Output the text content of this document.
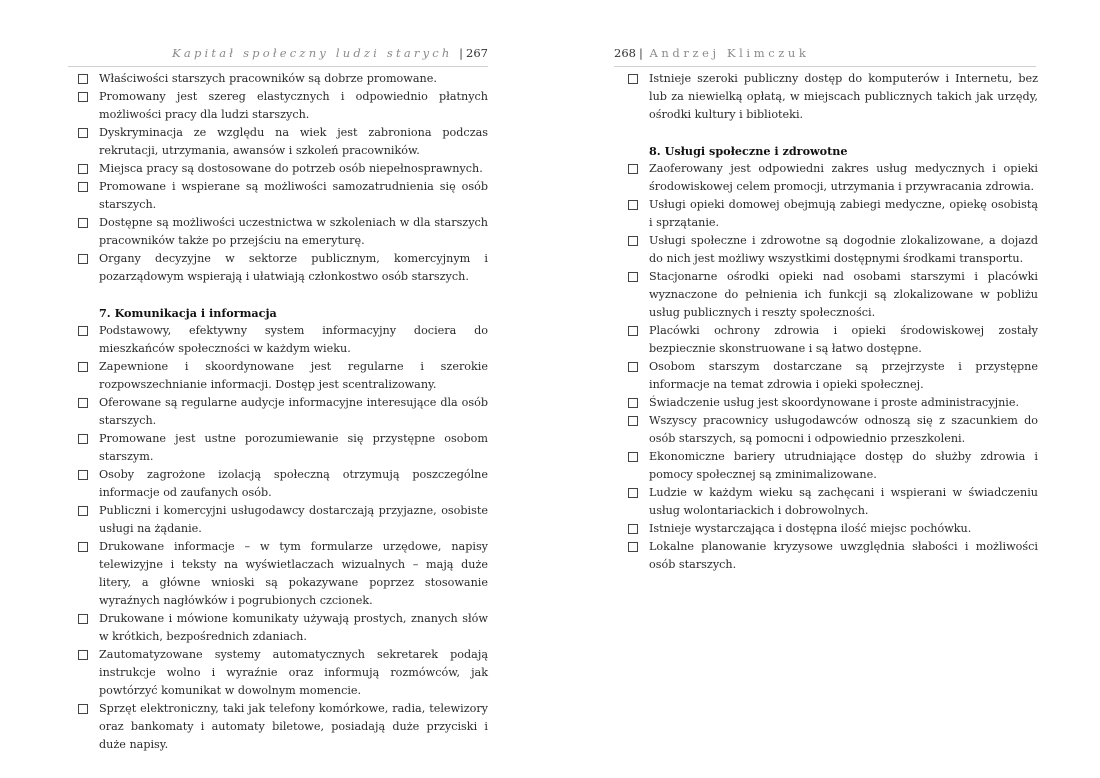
Kapitał społeczny ludzi starych | 267
Właściwości starszych pracowników są dobrze promowane.
Promowany jest szereg elastycznych i odpowiednio płatnych możliwości pracy dla ludzi starszych.
Dyskryminacja ze względu na wiek jest zabroniona podczas rekrutacji, utrzymania, awansów i szkoleń pracowników.
Miejsca pracy są dostosowane do potrzeb osób niepełnosprawnych.
Promowane i wspierane są możliwości samozatrudnienia się osób starszych.
Dostępne są możliwości uczestnictwa w szkoleniach w dla starszych pracowników także po przejściu na emeryturę.
Organy decyzyjne w sektorze publicznym, komercyjnym i pozarządowym wspierają i ułatwiają członkostwo osób starszych.
7. Komunikacja i informacja
Podstawowy, efektywny system informacyjny dociera do mieszkańców społeczności w każdym wieku.
Zapewnione i skoordynowane jest regularne i szerokie rozpowszechnianie informacji. Dostęp jest scentralizowany.
Oferowane są regularne audycje informacyjne interesujące dla osób starszych.
Promowane jest ustne porozumiewanie się przystępne osobom starszym.
Osoby zagrożone izolacją społeczną otrzymują poszczególne informacje od zaufanych osób.
Publiczni i komercyjni usługodawcy dostarczają przyjazne, osobiste usługi na żądanie.
Drukowane informacje – w tym formularze urzędowe, napisy telewizyjne i teksty na wyświetlaczach wizualnych – mają duże litery, a główne wnioski są pokazywane poprzez stosowanie wyraźnych nagłówków i pogrubionych czcionek.
Drukowane i mówione komunikaty używają prostych, znanych słów w krótkich, bezpośrednich zdaniach.
Zautomatyzowane systemy automatycznych sekretarek podają instrukcje wolno i wyraźnie oraz informują rozmówców, jak powtórzyć komunikat w dowolnym momencie.
Sprzęt elektroniczny, taki jak telefony komórkowe, radia, telewizory oraz bankomaty i automaty biletowe, posiadają duże przyciski i duże napisy.
268 | Andrzej Klimczuk
Istnieje szeroki publiczny dostęp do komputerów i Internetu, bez lub za niewielką opłatą, w miejscach publicznych takich jak urzędy, ośrodki kultury i biblioteki.
8. Usługi społeczne i zdrowotne
Zaoferowany jest odpowiedni zakres usług medycznych i opieki środowiskowej celem promocji, utrzymania i przywracania zdrowia.
Usługi opieki domowej obejmują zabiegi medyczne, opiekę osobistą i sprzątanie.
Usługi społeczne i zdrowotne są dogodnie zlokalizowane, a dojazd do nich jest możliwy wszystkimi dostępnymi środkami transportu.
Stacjonarne ośrodki opieki nad osobami starszymi i placówki wyznaczone do pełnienia ich funkcji są zlokalizowane w pobliżu usług publicznych i reszty społeczności.
Placówki ochrony zdrowia i opieki środowiskowej zostały bezpiecznie skonstruowane i są łatwo dostępne.
Osobom starszym dostarczane są przejrzyste i przystępne informacje na temat zdrowia i opieki społecznej.
Świadczenie usług jest skoordynowane i proste administracyjnie.
Wszyscy pracownicy usługodawców odnoszą się z szacunkiem do osób starszych, są pomocni i odpowiednio przeszkoleni.
Ekonomiczne bariery utrudniające dostęp do służby zdrowia i pomocy społecznej są zminimalizowane.
Ludzie w każdym wieku są zachęcani i wspierani w świadczeniu usług wolontariackich i dobrowolnych.
Istnieje wystarczająca i dostępna ilość miejsc pochówku.
Lokalne planowanie kryzysowe uwzględnia słabości i możliwości osób starszych.
